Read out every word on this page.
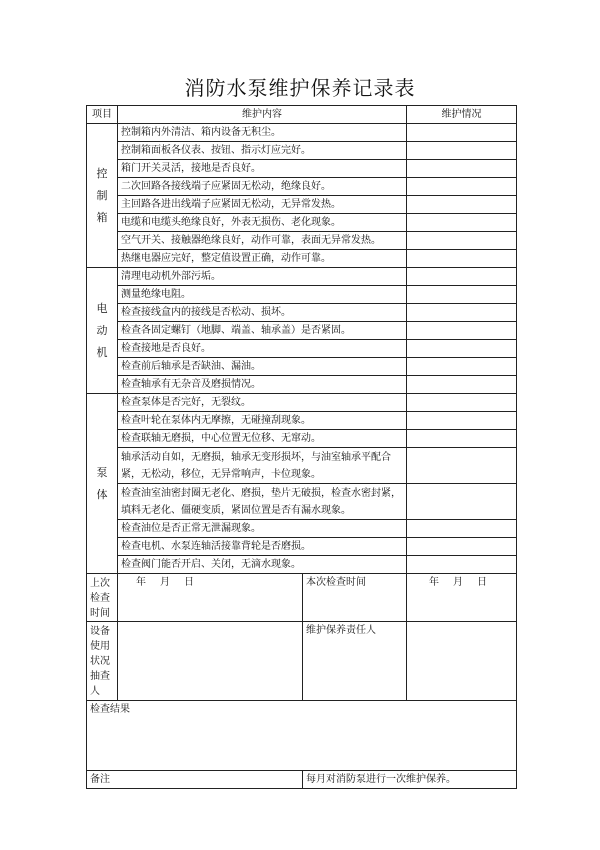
消防水泵维护保养记录表
项目	维护内容		维护情况

控
制
箱	控制箱内外清洁、箱内设备无积尘。		
	控制箱面板各仪表、按钮、指示灯应完好。		
	箱门开关灵活，接地是否良好。		
	二次回路各接线端子应紧固无松动，绝缘良好。		
	主回路各进出线端子应紧固无松动，无异常发热。		
	电缆和电缆头绝缘良好，外表无损伤、老化现象。		
	空气开关、接触器绝缘良好，动作可靠，表面无异常发热。		
	热继电器应完好，整定值设置正确，动作可靠。		

电
动
机	清理电动机外部污垢。		
	测量绝缘电阻。		
	检查接线盒内的接线是否松动、损坏。		
	检查各固定螺钉（地脚、端盖、轴承盖）是否紧固。		
	检查接地是否良好。		
	检查前后轴承是否缺油、漏油。		
	检查轴承有无杂音及磨损情况。		

泵
体	检查泵体是否完好，无裂纹。		
	检查叶轮在泵体内无摩擦，无碰撞刮现象。		
	检查联轴无磨损，中心位置无位移、无窜动。		
	轴承活动自如，无磨损，轴承无变形损坏，与油室轴承平配合紧，无松动，移位，无异常响声，卡位现象。		
	检查油室油密封圈无老化、磨损，垫片无破损，检查水密封紧，填料无老化、僵硬变质，紧固位置是否有漏水现象。		
	检查油位是否正常无泄漏现象。		
	检查电机、水泵连轴活接靠背轮是否磨损。		
	检查阀门能否开启、关闭，无滴水现象。		

上次
检查
时间	年 月 日	本次检查时间	年 月 日

设备
使用
状况
抽查
人		维护保养责任人	
检查结果			
备注		每月对消防泵进行一次维护保养。	
